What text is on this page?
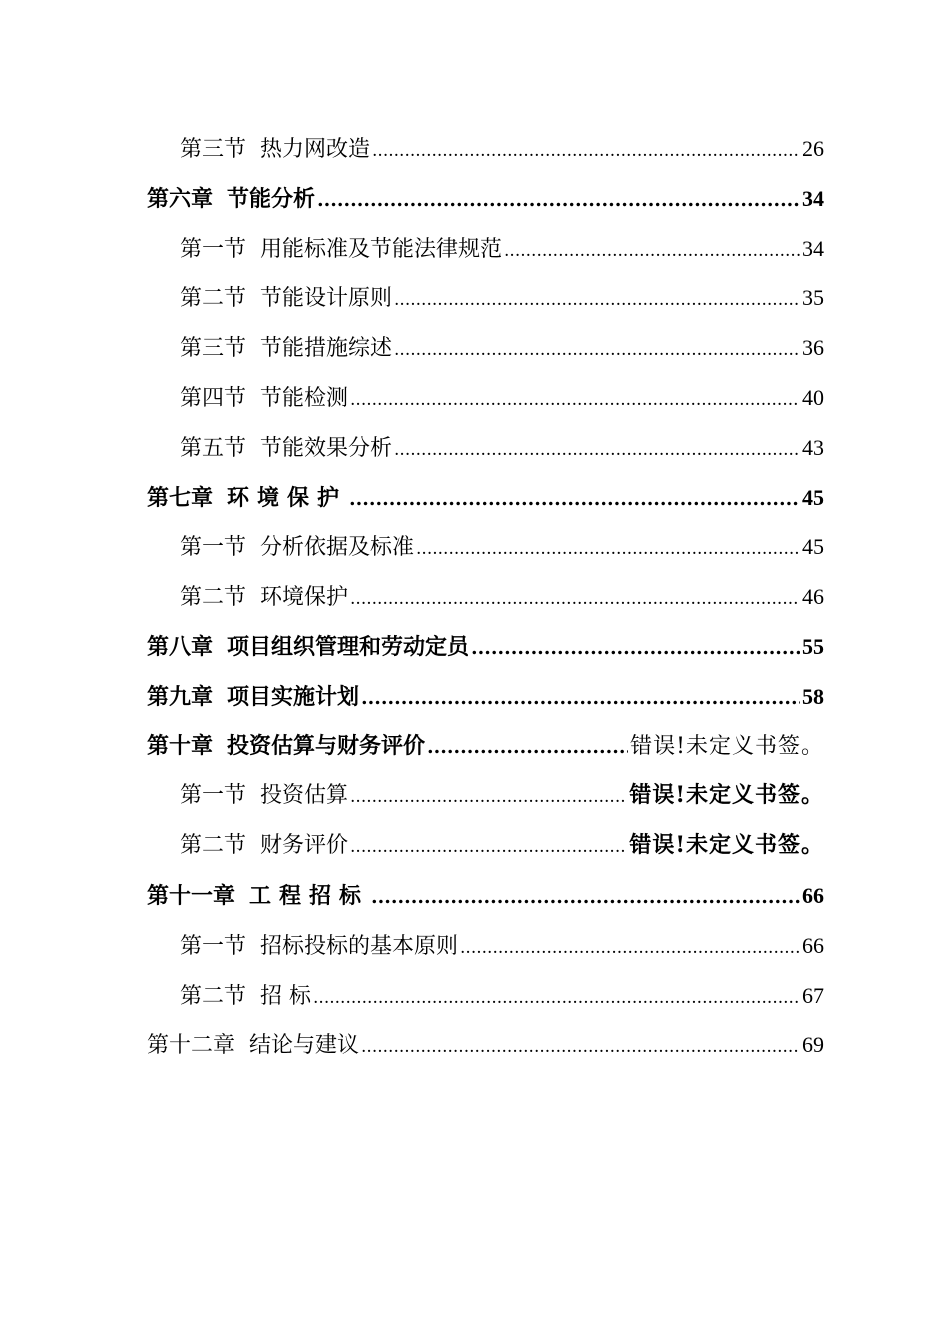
第三节 热力网改造 .....	26
第六章 节能分析 .....	34
第一节 用能标准及节能法律规范 .....	34
第二节 节能设计原则 .....	35
第三节 节能措施综述 .....	36
第四节 节能检测 .....	40
第五节 节能效果分析 .....	43
第七章 环境保护 .....	45
第一节 分析依据及标准 .....	45
第二节 环境保护 .....	46
第八章 项目组织管理和劳动定员 .....	55
第九章 项目实施计划 .....	58
第十章 投资估算与财务评价 .....	错误!未定义书签。
第一节 投资估算 .....	错误!未定义书签。
第二节 财务评价 .....	错误!未定义书签。
第十一章 工程招标 .....	66
第一节 招标投标的基本原则 .....	66
第二节 招 标 .....	67
第十二章 结论与建议 .....	69
